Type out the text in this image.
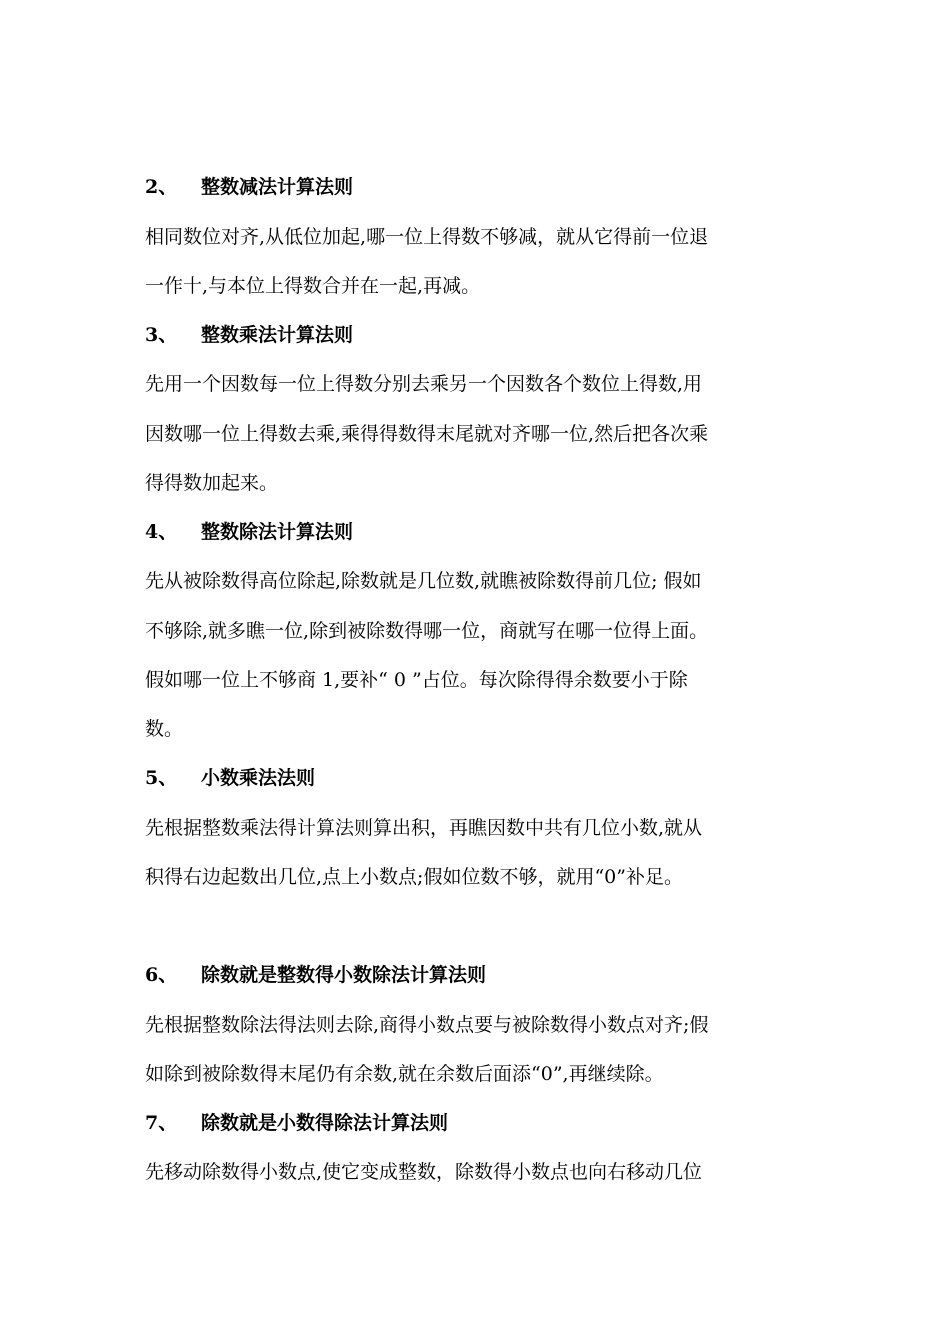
2、 整数减法计算法则
相同数位对齐,从低位加起,哪一位上得数不够减，就从它得前一位退
一作十,与本位上得数合并在一起,再减。
3、 整数乘法计算法则
先用一个因数每一位上得数分别去乘另一个因数各个数位上得数,用
因数哪一位上得数去乘,乘得得数得末尾就对齐哪一位,然后把各次乘
得得数加起来。
4、 整数除法计算法则
先从被除数得高位除起,除数就是几位数,就瞧被除数得前几位; 假如
不够除,就多瞧一位,除到被除数得哪一位，商就写在哪一位得上面。
假如哪一位上不够商 1,要补“ 0 ”占位。每次除得得余数要小于除
数。
5、 小数乘法法则
先根据整数乘法得计算法则算出积，再瞧因数中共有几位小数,就从
积得右边起数出几位,点上小数点;假如位数不够，就用“0”补足。
6、 除数就是整数得小数除法计算法则
先根据整数除法得法则去除,商得小数点要与被除数得小数点对齐;假
如除到被除数得末尾仍有余数,就在余数后面添“0”,再继续除。
7、 除数就是小数得除法计算法则
先移动除数得小数点,使它变成整数，除数得小数点也向右移动几位
